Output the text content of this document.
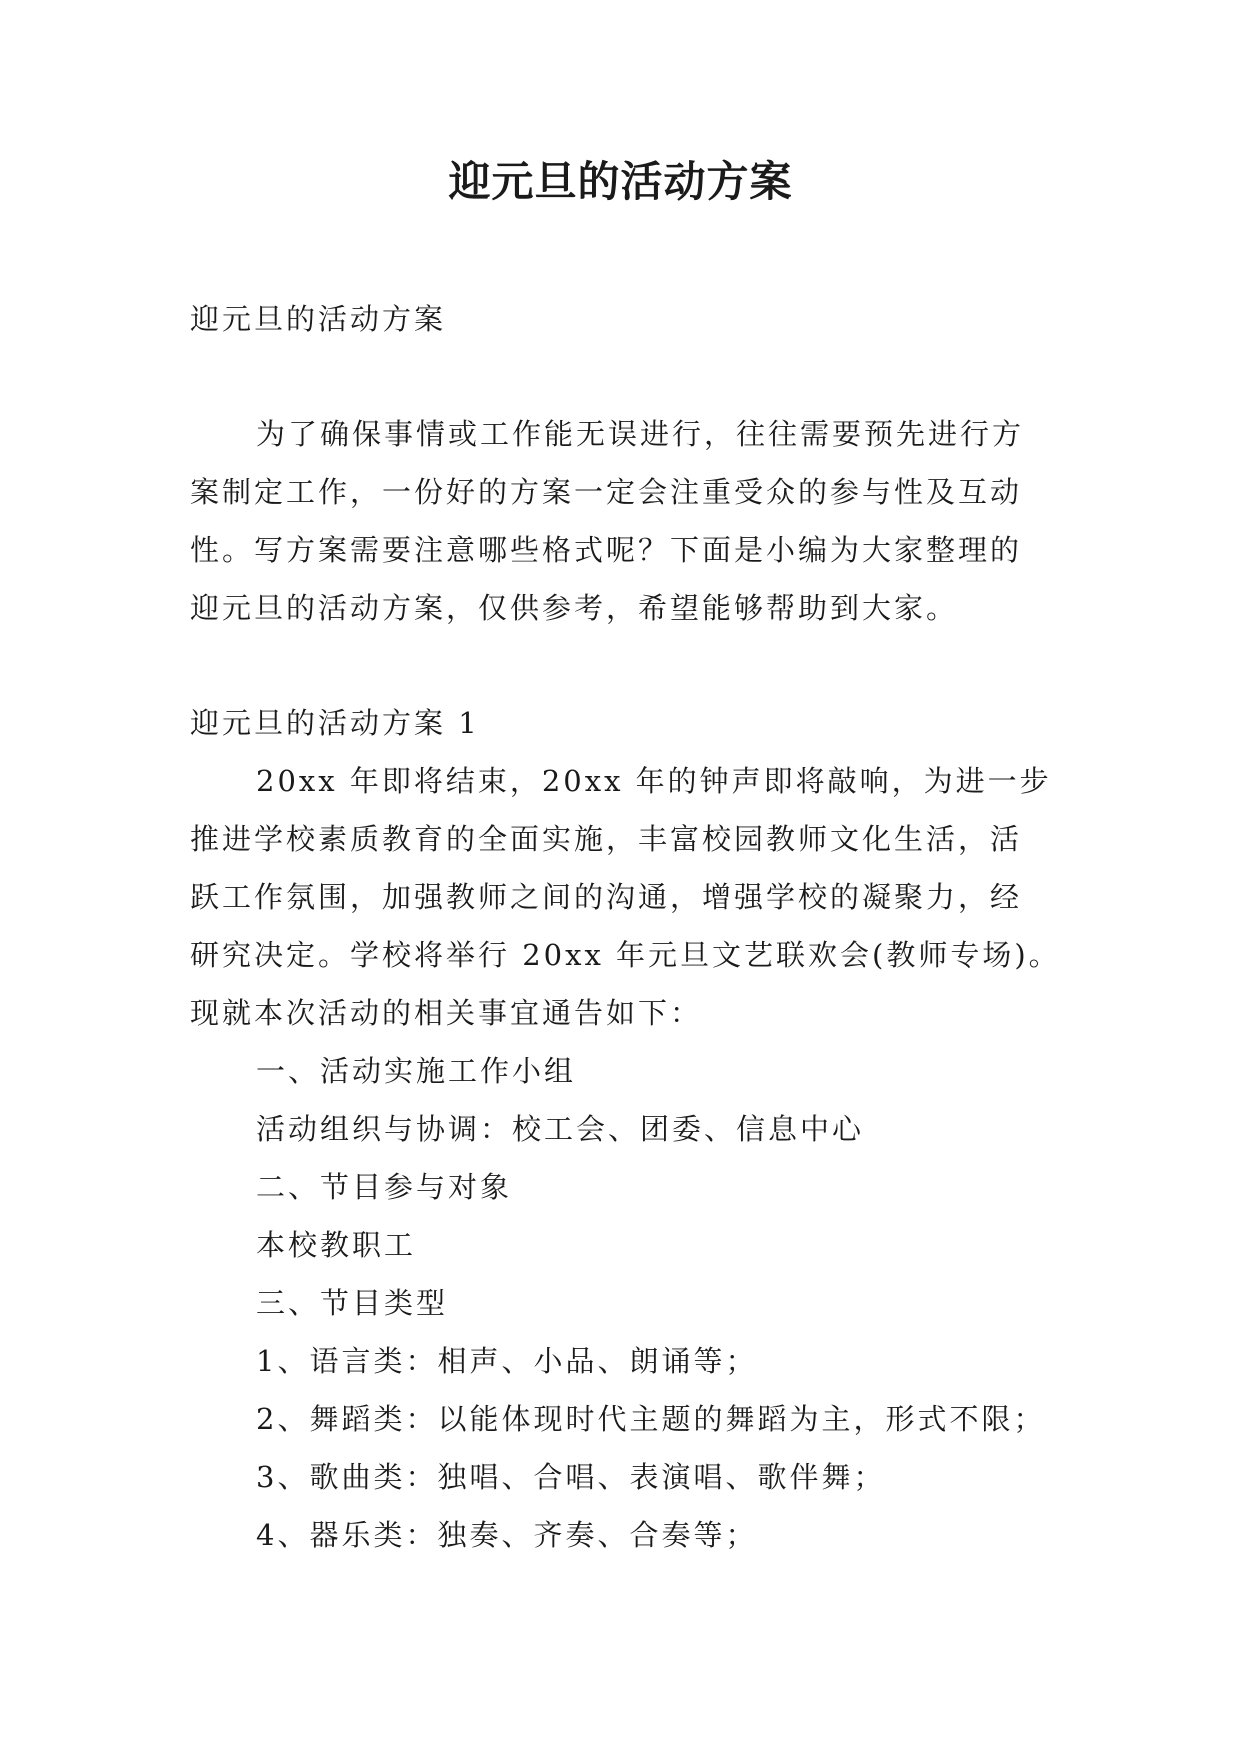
迎元旦的活动方案

迎元旦的活动方案

为了确保事情或工作能无误进行，往往需要预先进行方

案制定工作，一份好的方案一定会注重受众的参与性及互动

性。写方案需要注意哪些格式呢？下面是小编为大家整理的

迎元旦的活动方案，仅供参考，希望能够帮助到大家。

迎元旦的活动方案 1

20xx 年即将结束，20xx 年的钟声即将敲响，为进一步

推进学校素质教育的全面实施，丰富校园教师文化生活，活

跃工作氛围，加强教师之间的沟通，增强学校的凝聚力，经

研究决定。学校将举行 20xx 年元旦文艺联欢会(教师专场)。

现就本次活动的相关事宜通告如下：

一、活动实施工作小组

活动组织与协调：校工会、团委、信息中心

二、节目参与对象

本校教职工

三、节目类型

1、语言类：相声、小品、朗诵等；

2、舞蹈类：以能体现时代主题的舞蹈为主，形式不限；

3、歌曲类：独唱、合唱、表演唱、歌伴舞；

4、器乐类：独奏、齐奏、合奏等；
